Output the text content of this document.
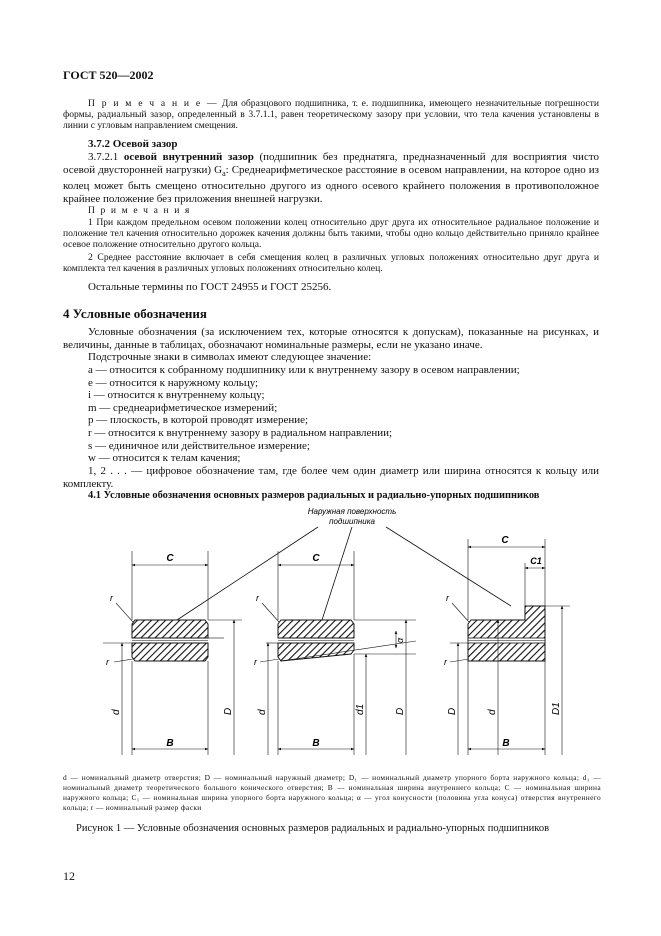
ГОСТ 520—2002

П р и м е ч а н и е — Для образцового подшипника, т. е. подшипника, имеющего незначительные погрешности формы, радиальный зазор, определенный в 3.7.1.1, равен теоретическому зазору при условии, что тела качения установлены в линии с угловым направлением смещения.

3.7.2 Осевой зазор

3.7.2.1 осевой внутренний зазор (подшипник без преднатяга, предназначенный для восприятия чисто осевой двусторонней нагрузки) $G_a$: Среднеарифметическое расстояние в осевом направлении, на которое одно из колец может быть смещено относительно другого из одного осевого крайнего положения в противоположное крайнее положение без приложения внешней нагрузки.

П р и м е ч а н и я

1 При каждом предельном осевом положении колец относительно друг друга их относительное радиальное положение и положение тел качения относительно дорожек качения должны быть такими, чтобы одно кольцо действительно приняло крайнее осевое положение относительно другого кольца.

2 Среднее расстояние включает в себя смещения колец в различных угловых положениях относительно друг друга и комплекта тел качения в различных угловых положениях относительно колец.

Остальные термины по ГОСТ 24955 и ГОСТ 25256.

4 Условные обозначения

Условные обозначения (за исключением тех, которые относятся к допускам), показанные на рисунках, и величины, данные в таблицах, обозначают номинальные размеры, если не указано иначе.

Подстрочные знаки в символах имеют следующее значение:

a — относится к собранному подшипнику или к внутреннему зазору в осевом направлении;
e — относится к наружному кольцу;
i — относится к внутреннему кольцу;
m — среднеарифметическое измерений;
p — плоскость, в которой проводят измерение;
r — относится к внутреннему зазору в радиальном направлении;
s — единичное или действительное измерение;
w — относится к телам качения;

1, 2 . . . — цифровое обозначение там, где более чем один диаметр или ширина относятся к кольцу или комплекту.

4.1 Условные обозначения основных размеров радиальных и радиально-упорных подшипников

Наружная поверхность
подшипника
C
B
r
r
d	D
C
B
r
r
α
d	d1	D
C
C1
B
r
r
D	d	D1

d — номинальный диаметр отверстия; D — номинальный наружный диаметр; D₁ — номинальный диаметр упорного борта наружного кольца; d₁ — номинальный диаметр теоретического большого конического отверстия; B — номинальная ширина внутреннего кольца; C — номинальная ширина наружного кольца; C₁ — номинальная ширина упорного борта наружного кольца; α — угол конусности (половина угла конуса) отверстия внутреннего кольца; r — номинальный размер фаски

Рисунок 1 — Условные обозначения основных размеров радиальных и радиально-упорных подшипников
12
